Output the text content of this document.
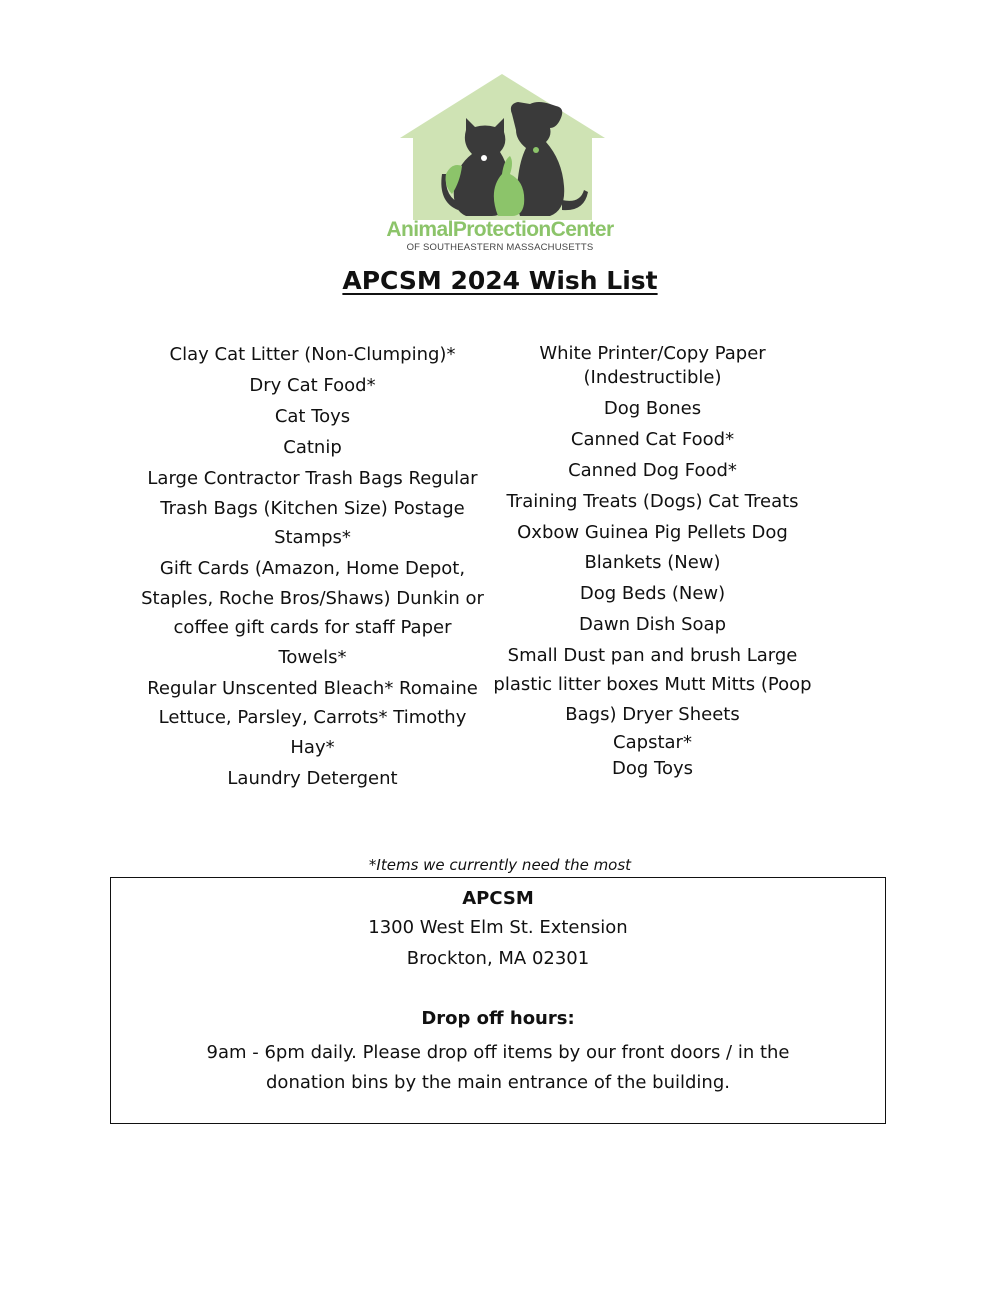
AnimalProtectionCenter
OF SOUTHEASTERN MASSACHUSETTS
APCSM 2024 Wish List
Clay Cat Litter (Non-Clumping)*
Dry Cat Food*
Cat Toys
Catnip
Large Contractor Trash Bags Regular Trash Bags (Kitchen Size) Postage Stamps*
Gift Cards (Amazon, Home Depot, Staples, Roche Bros/Shaws) Dunkin or coffee gift cards for staff Paper Towels*
Regular Unscented Bleach* Romaine Lettuce, Parsley, Carrots* Timothy Hay*
Laundry Detergent
White Printer/Copy Paper (Indestructible)
Dog Bones
Canned Cat Food*
Canned Dog Food*
Training Treats (Dogs) Cat Treats
Oxbow Guinea Pig Pellets Dog Blankets (New)
Dog Beds (New)
Dawn Dish Soap
Small Dust pan and brush Large plastic litter boxes Mutt Mitts (Poop Bags) Dryer Sheets
Capstar*
Dog Toys
*Items we currently need the most
APCSM
1300 West Elm St. Extension
Brockton, MA 02301
Drop off hours:
9am - 6pm daily. Please drop off items by our front doors / in the donation bins by the main entrance of the building.
